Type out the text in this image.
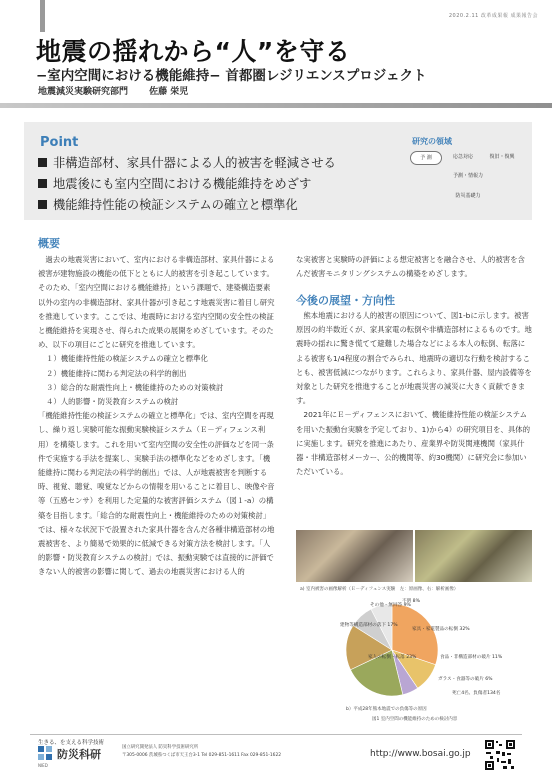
2020.2.11 改革成果報 成果報告会
地震の揺れから“人”を守る
−室内空間における機能維持− 首都圏レジリエンスプロジェクト
地震減災実験研究部門 佐藤 栄児
Point
非構造部材、家具什器による人的被害を軽減させる
地震後にも室内空間における機能維持をめざす
機能維持性能の検証システムの確立と標準化
研究の領域
予 測	応急対応	復旧・復興
予測・情報力
防災基礎力
概要

過去の地震災害において、室内における非構造部材、家具什器による被害が建物施設の機能の低下とともに人的被害を引き起こしています。そのため、「室内空間における機能維持」という課題で、建築構造要素以外の室内の非構造部材、家具什器が引き起こす地震災害に着目し研究を推進しています。ここでは、地震時における室内空間の安全性の検証と機能維持を実現させ、得られた成果の展開をめざしています。そのため、以下の項目にごとに研究を推進しています。

１）機能維持性能の検証システムの確立と標準化

２）機能維持に関わる判定法の科学的創出

３）総合的な耐震性向上・機能維持のための対策検討

４）人的影響・防災教育システムの検討

「機能維持性能の検証システムの確立と標準化」では、室内空間を再現し、繰り返し実験可能な振動実験検証システム（Ｅ－ディフェンス利用）を構築します。これを用いて室内空間の安全性の評価などを同一条件で実施する手法を提案し、実験手法の標準化などをめざします。「機能維持に関わる判定法の科学的創出」では、人が地震被害を判断する時、視覚、聴覚、嗅覚などからの情報を用いることに着目し、映像や音等（五感センサ）を利用した定量的な被害評価システム（図１-a）の構築を目指します。「総合的な耐震性向上・機能維持のための対策検討」では、様々な状況下で設置された家具什器を含んだ各種非構造部材の地震被害を、より簡易で効果的に低減できる対策方法を検討します。「人的影響・防災教育システムの検討」では、振動実験では直接的に評価できない人的被害の影響に関して、過去の地震災害における人的

な実被害と実験時の評価による想定被害とを融合させ、人的被害を含んだ被害モニタリングシステムの構築をめざします。
今後の展望・方向性

熊本地震における人的被害の原因について、図1-bに示します。被害原因の約半数近くが、家具家電の転倒や非構造部材によるものです。地震時の揺れに驚き慌てて避難した場合などによる本人の転倒、転落による被害も1/4程度の割合でみられ、地震時の適切な行動を検討することも、被害低減につながります。これらより、家具什器、屋内設備等を対象とした研究を推進することが地震災害の減災に大きく貢献できます。

2021年にＥ－ディフェンスにおいて、機能維持性能の検証システムを用いた振動台実験を予定しており、1)から4）の研究項目を、具体的に実施します。研究を推進にあたり、産業界や防災関連機関（家具什器・非構造部材メーカー、公的機関等、約30機関）に研究会に参加いただいている。

a) 室内被害の画像解析（Ｅ－ディフェンス実験　左：原画像、右：解析画像）
家具・家電製品の転倒 32%
家人の転倒・転落 23%
建物等構造部材の落下 17%
その他・無回答 9%
不明 8%
食品・非構造部材の破片 11%
ガラス・食器等の破片 6%
死亡4名、負傷者134名
b）平成28年熊本地震での負傷等の原因
図1 室内空間の機能維持のための検討内容
生きる、を支える科学技術
防災科研
NIED
国立研究開発法人 防災科学技術研究所
〒305-0006 茨城県つくば市天王台3-1 Tel 029-851-1611 Fax 029-851-1622	http://www.bosai.go.jp
